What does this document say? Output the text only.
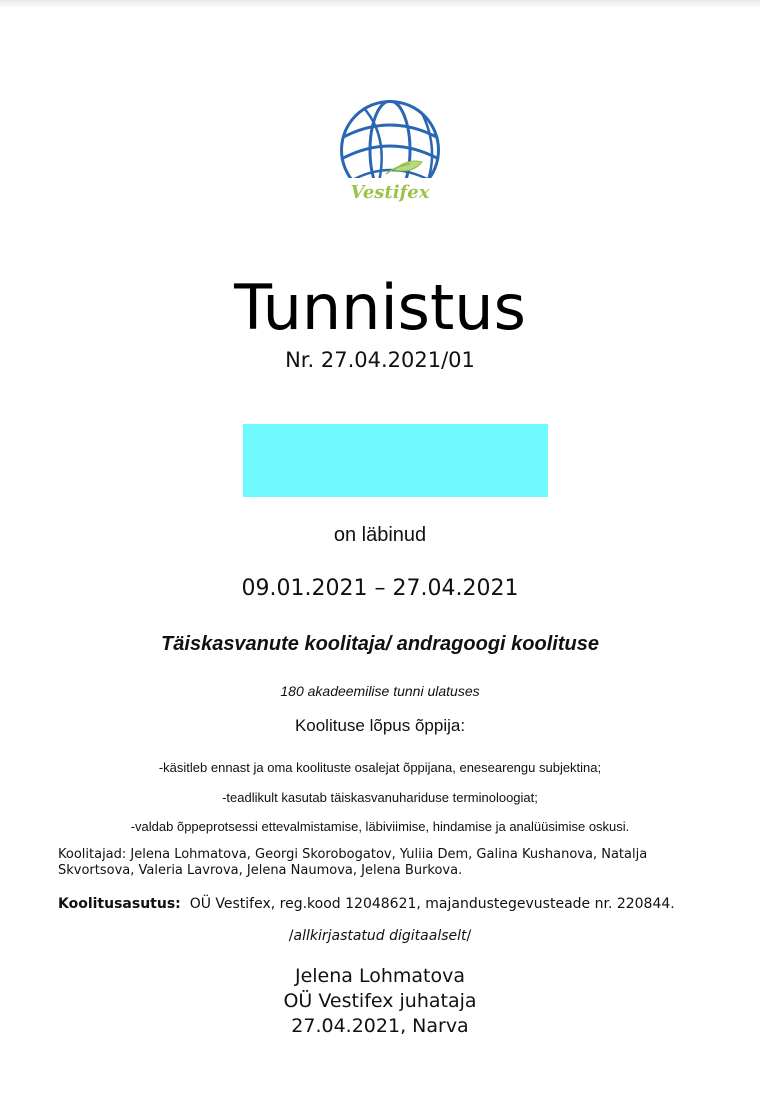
Vestifex
Tunnistus
Nr. 27.04.2021/01
on läbinud
09.01.2021 – 27.04.2021
Täiskasvanute koolitaja/ andragoogi koolituse
180 akadeemilise tunni ulatuses
Koolituse lõpus õppija:
-käsitleb ennast ja oma koolituste osalejat õppijana, enesearengu subjektina;
-teadlikult kasutab täiskasvanuhariduse terminoloogiat;
-valdab õppeprotsessi ettevalmistamise, läbiviimise, hindamise ja analüüsimise oskusi.
Koolitajad: Jelena Lohmatova, Georgi Skorobogatov, Yuliia Dem, Galina Kushanova, Natalja Skvortsova, Valeria Lavrova, Jelena Naumova, Jelena Burkova.
Koolitusasutus: OÜ Vestifex, reg.kood 12048621, majandustegevusteade nr. 220844.
/allkirjastatud digitaalselt/
Jelena Lohmatova
OÜ Vestifex juhataja
27.04.2021, Narva
